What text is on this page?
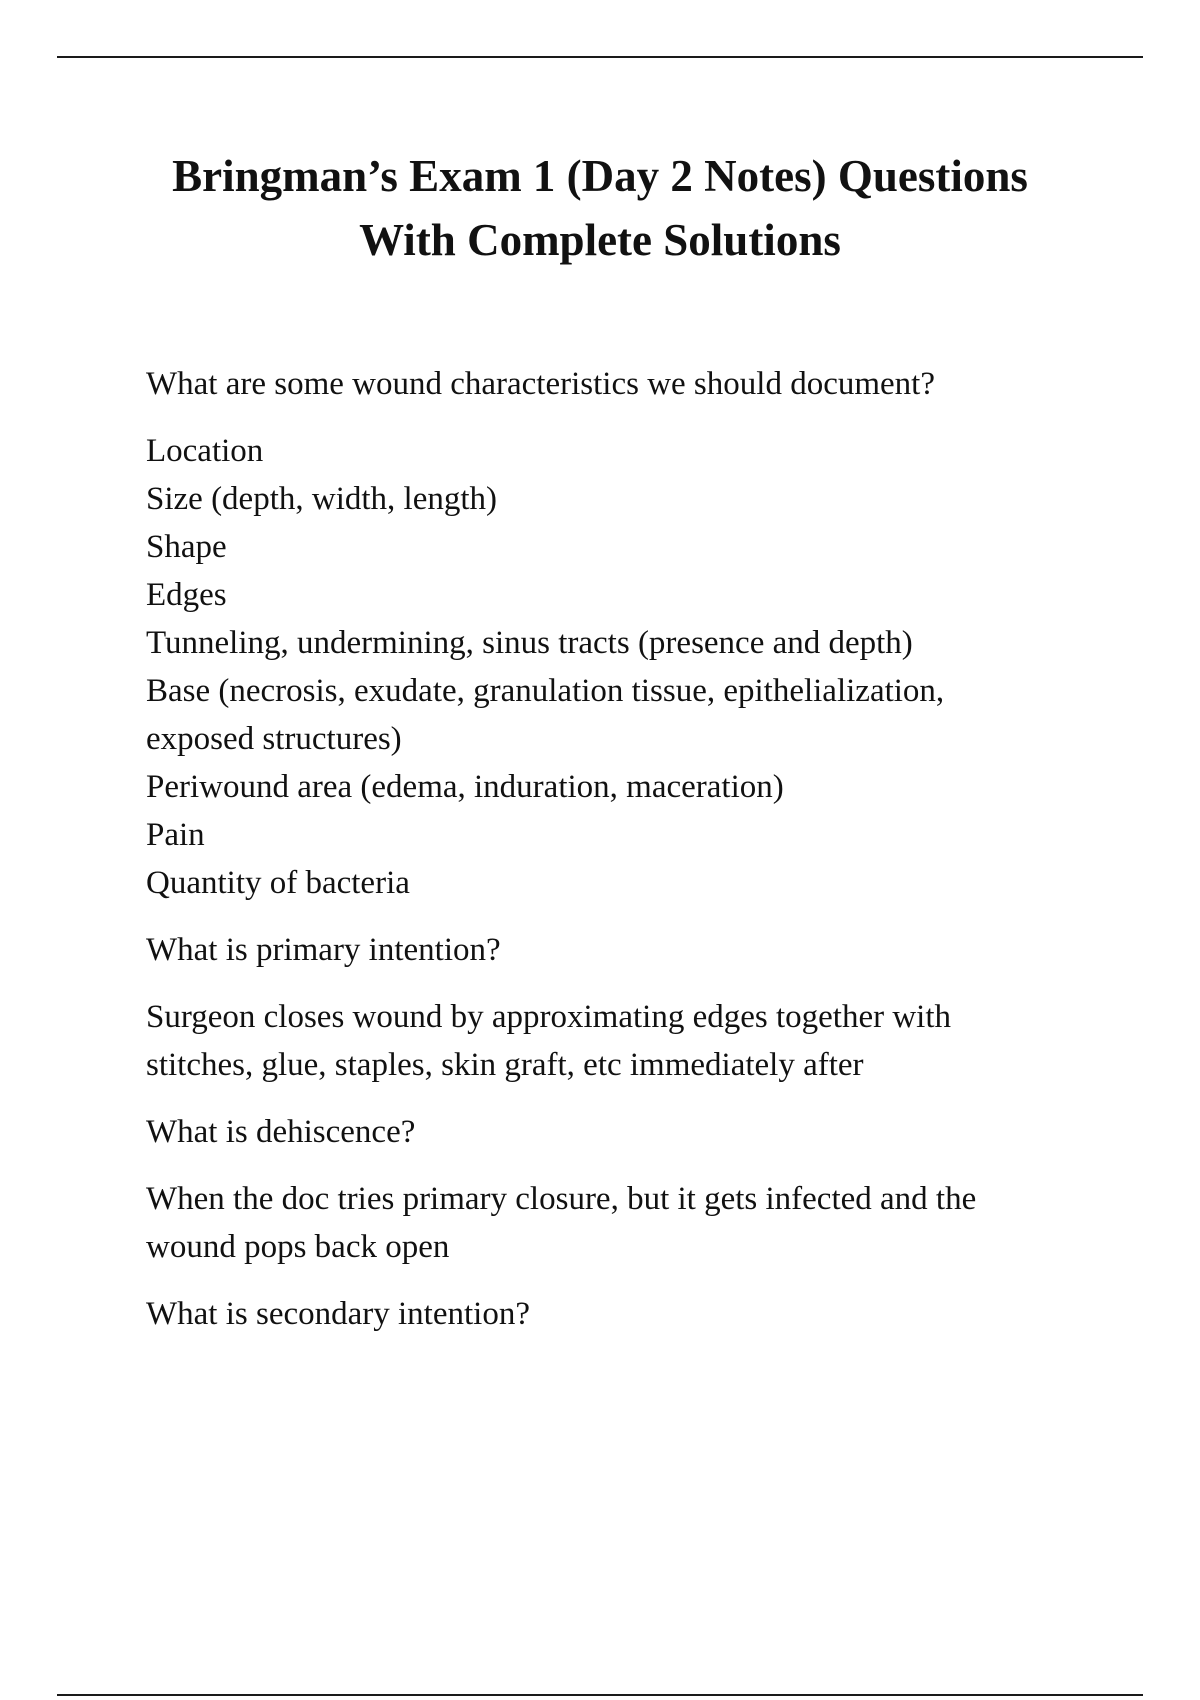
Bringman’s Exam 1 (Day 2 Notes) Questions
With Complete Solutions

What are some wound characteristics we should document?

Location
Size (depth, width, length)
Shape
Edges
Tunneling, undermining, sinus tracts (presence and depth)
Base (necrosis, exudate, granulation tissue, epithelialization,
exposed structures)
Periwound area (edema, induration, maceration)
Pain
Quantity of bacteria

What is primary intention?

Surgeon closes wound by approximating edges together with
stitches, glue, staples, skin graft, etc immediately after

What is dehiscence?

When the doc tries primary closure, but it gets infected and the
wound pops back open

What is secondary intention?
